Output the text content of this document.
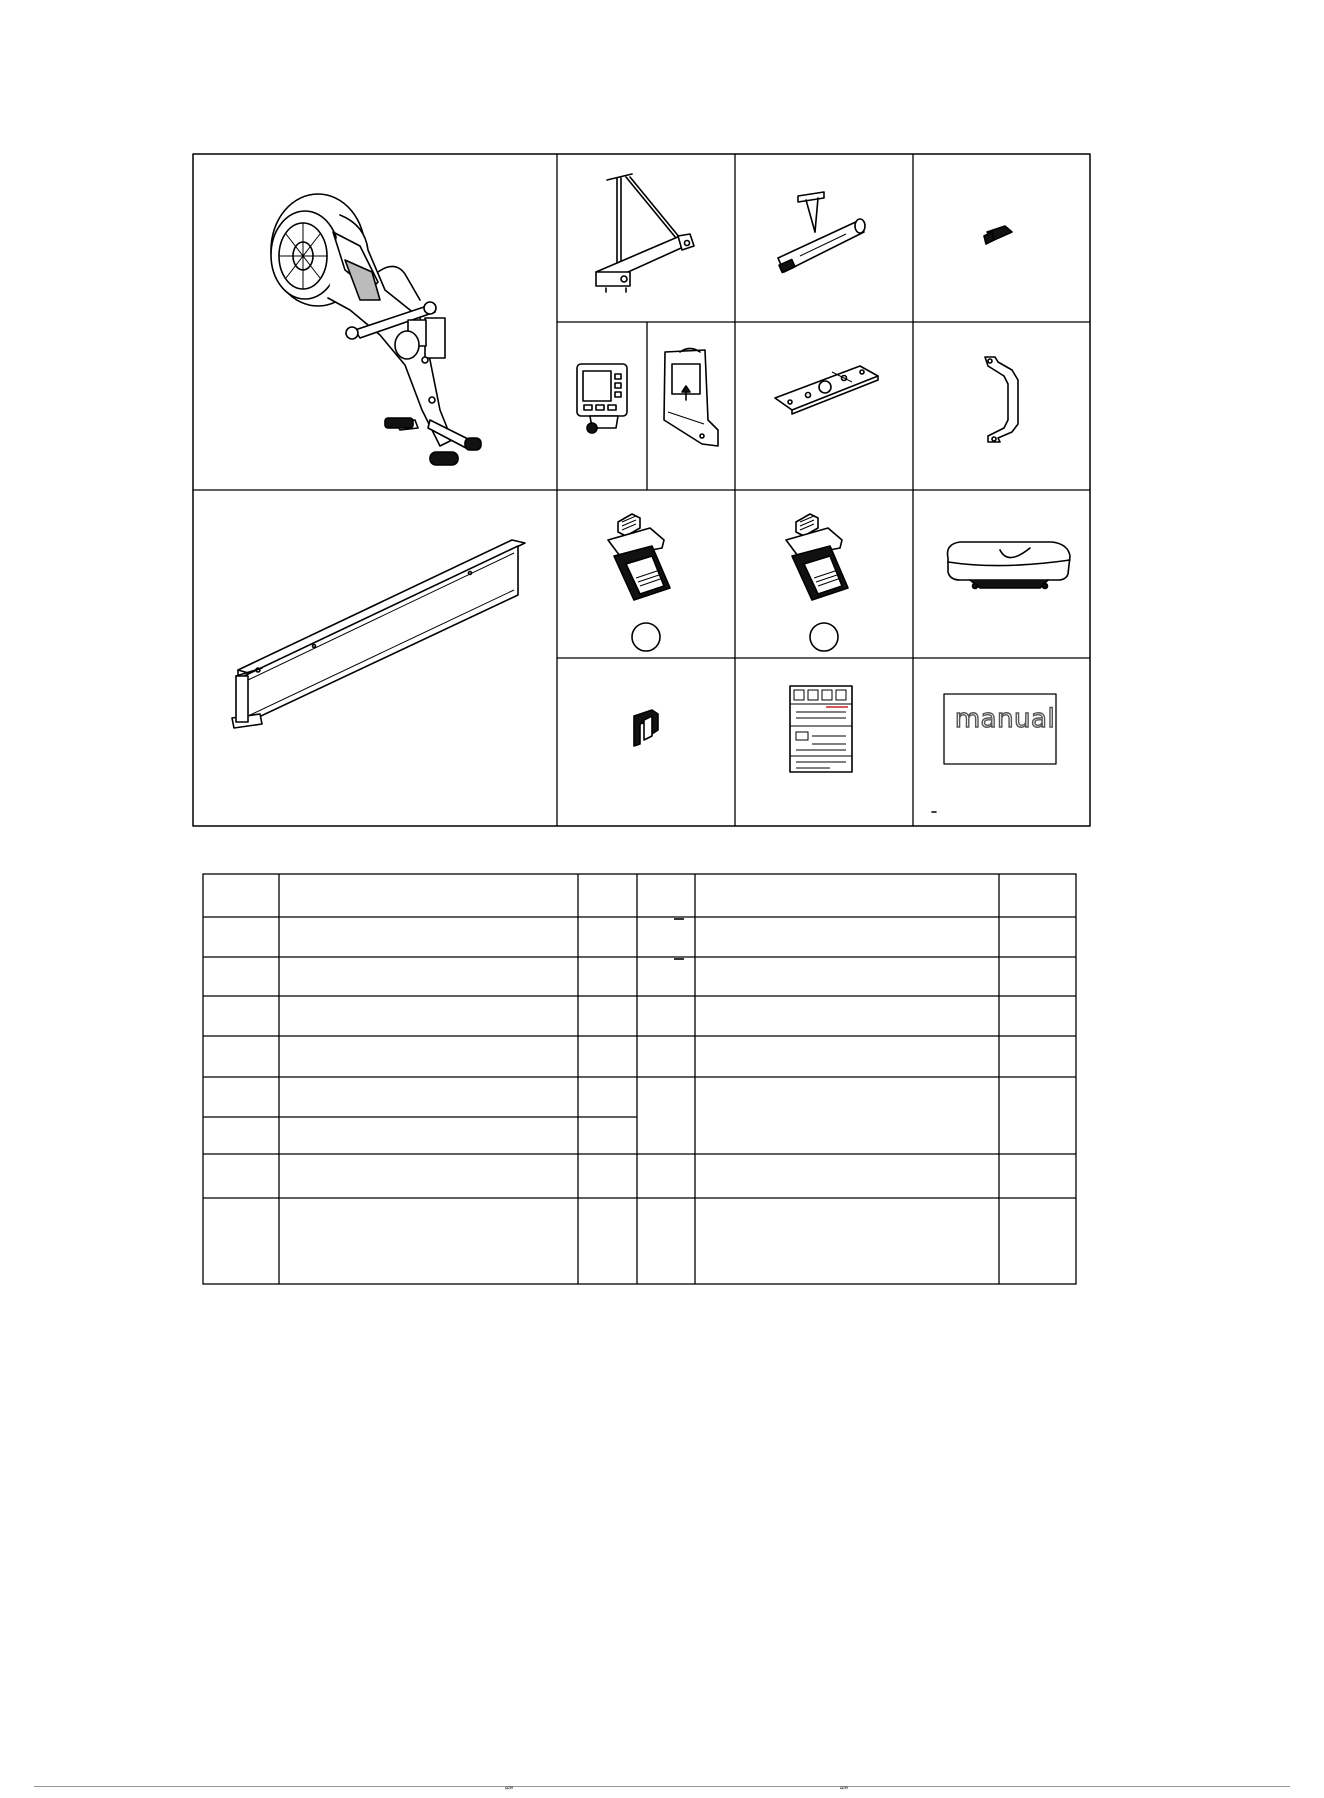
manual
“”	“”
